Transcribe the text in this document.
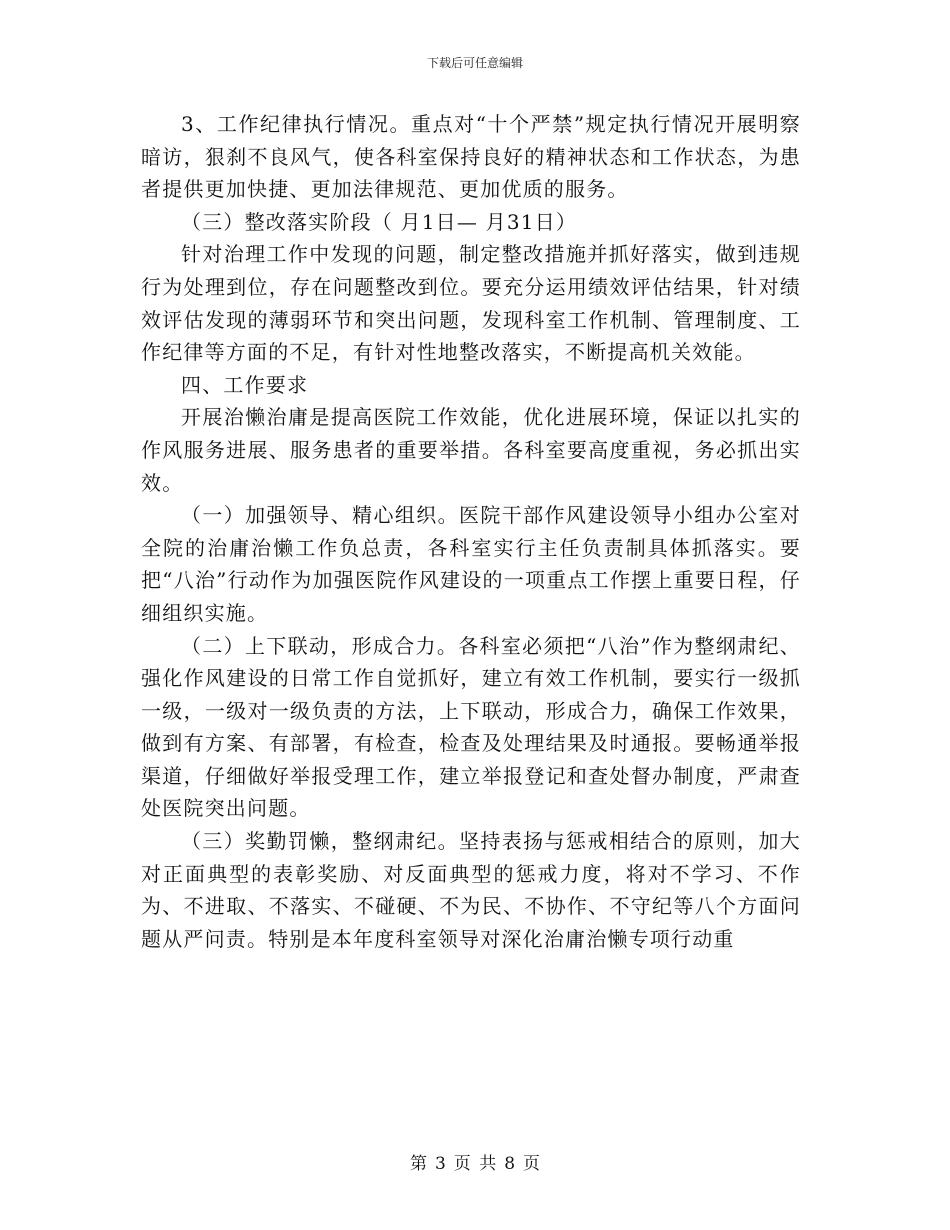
下载后可任意编辑

3、工作纪律执行情况。重点对“十个严禁”规定执行情况开展明察暗访，狠刹不良风气，使各科室保持良好的精神状态和工作状态，为患者提供更加快捷、更加法律规范、更加优质的服务。

（三）整改落实阶段（ 月1日— 月31日）

针对治理工作中发现的问题，制定整改措施并抓好落实，做到违规行为处理到位，存在问题整改到位。要充分运用绩效评估结果，针对绩效评估发现的薄弱环节和突出问题，发现科室工作机制、管理制度、工作纪律等方面的不足，有针对性地整改落实，不断提高机关效能。

四、工作要求

开展治懒治庸是提高医院工作效能，优化进展环境，保证以扎实的作风服务进展、服务患者的重要举措。各科室要高度重视，务必抓出实效。

（一）加强领导、精心组织。医院干部作风建设领导小组办公室对全院的治庸治懒工作负总责，各科室实行主任负责制具体抓落实。要把“八治”行动作为加强医院作风建设的一项重点工作摆上重要日程，仔细组织实施。

（二）上下联动，形成合力。各科室必须把“八治”作为整纲肃纪、强化作风建设的日常工作自觉抓好，建立有效工作机制，要实行一级抓一级，一级对一级负责的方法，上下联动，形成合力，确保工作效果，做到有方案、有部署，有检查，检查及处理结果及时通报。要畅通举报渠道，仔细做好举报受理工作，建立举报登记和查处督办制度，严肃查处医院突出问题。

（三）奖勤罚懒，整纲肃纪。坚持表扬与惩戒相结合的原则，加大对正面典型的表彰奖励、对反面典型的惩戒力度，将对不学习、不作为、不进取、不落实、不碰硬、不为民、不协作、不守纪等八个方面问题从严问责。特别是本年度科室领导对深化治庸治懒专项行动重

第 3 页 共 8 页
